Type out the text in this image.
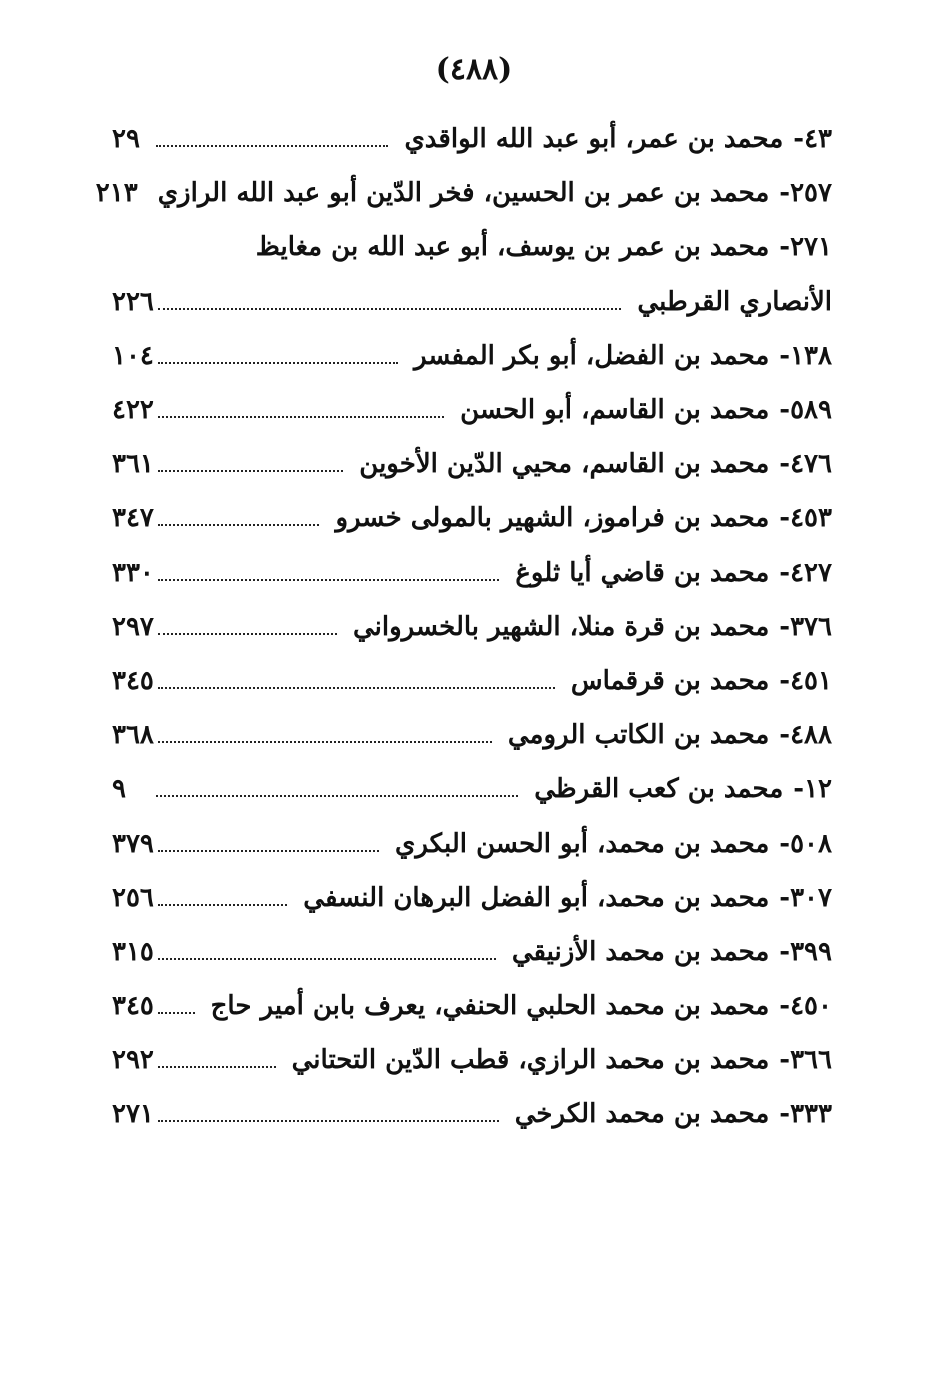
(٤٨٨)
٤٣-محمد بن عمر، أبو عبد الله الواقدي
٢٩
٢٥٧-محمد بن عمر بن الحسين، فخر الدّين أبو عبد الله الرازي
٢١٣
٢٧١-محمد بن عمر بن يوسف، أبو عبد الله بن مغايظ
الأنصاري القرطبي
٢٢٦
١٣٨-محمد بن الفضل، أبو بكر المفسر
١٠٤
٥٨٩-محمد بن القاسم، أبو الحسن
٤٢٢
٤٧٦-محمد بن القاسم، محيي الدّين الأخوين
٣٦١
٤٥٣-محمد بن فراموز، الشهير بالمولى خسرو
٣٤٧
٤٢٧-محمد بن قاضي أيا ثلوغ
٣٣٠
٣٧٦-محمد بن قرة منلا، الشهير بالخسرواني
٢٩٧
٤٥١-محمد بن قرقماس
٣٤٥
٤٨٨-محمد بن الكاتب الرومي
٣٦٨
١٢-محمد بن كعب القرظي
٩
٥٠٨-محمد بن محمد، أبو الحسن البكري
٣٧٩
٣٠٧-محمد بن محمد، أبو الفضل البرهان النسفي
٢٥٦
٣٩٩-محمد بن محمد الأزنيقي
٣١٥
٤٥٠-محمد بن محمد الحلبي الحنفي، يعرف بابن أمير حاج
٣٤٥
٣٦٦-محمد بن محمد الرازي، قطب الدّين التحتاني
٢٩٢
٣٣٣-محمد بن محمد الكرخي
٢٧١
